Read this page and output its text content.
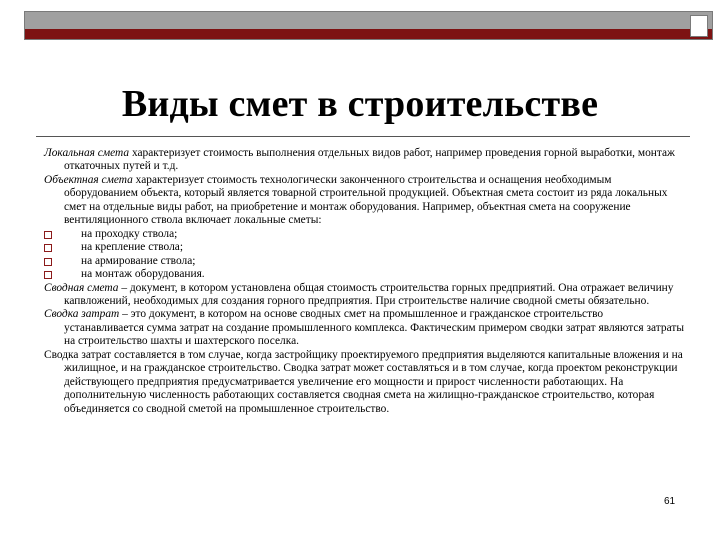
Виды смет в строительстве

Локальная смета характеризует стоимость выполнения отдельных видов работ, например проведения горной выработки, монтаж откаточных путей и т.д.

Объектная смета характеризует стоимость технологически законченного строительства и оснащения необходимым оборудованием объекта, который является товарной строительной продукцией. Объектная смета состоит из ряда локальных смет на отдельные виды работ, на приобретение и монтаж оборудования. Например, объектная смета на сооружение вентиляционного ствола включает локальные сметы:

на проходку ствола;

на крепление ствола;

на армирование ствола;

на монтаж оборудования.

Сводная смета – документ, в котором установлена общая стоимость строительства горных предприятий. Она отражает величину капвложений, необходимых для создания горного предприятия. При строительстве наличие сводной сметы обязательно.

Сводка затрат – это документ, в котором на основе сводных смет на промышленное и гражданское строительство устанавливается сумма затрат на создание промышленного комплекса. Фактическим примером сводки затрат являются затраты на строительство шахты и шахтерского поселка.

Сводка затрат составляется в том случае, когда застройщику проектируемого предприятия выделяются капитальные вложения и на жилищное, и на гражданское строительство. Сводка затрат может составляться и в том случае, когда проектом реконструкции действующего предприятия предусматривается увеличение его мощности и прирост численности работающих. На дополнительную численность работающих составляется сводная смета на жилищно-гражданское строительство, которая объединяется со сводной сметой на промышленное строительство.

61
